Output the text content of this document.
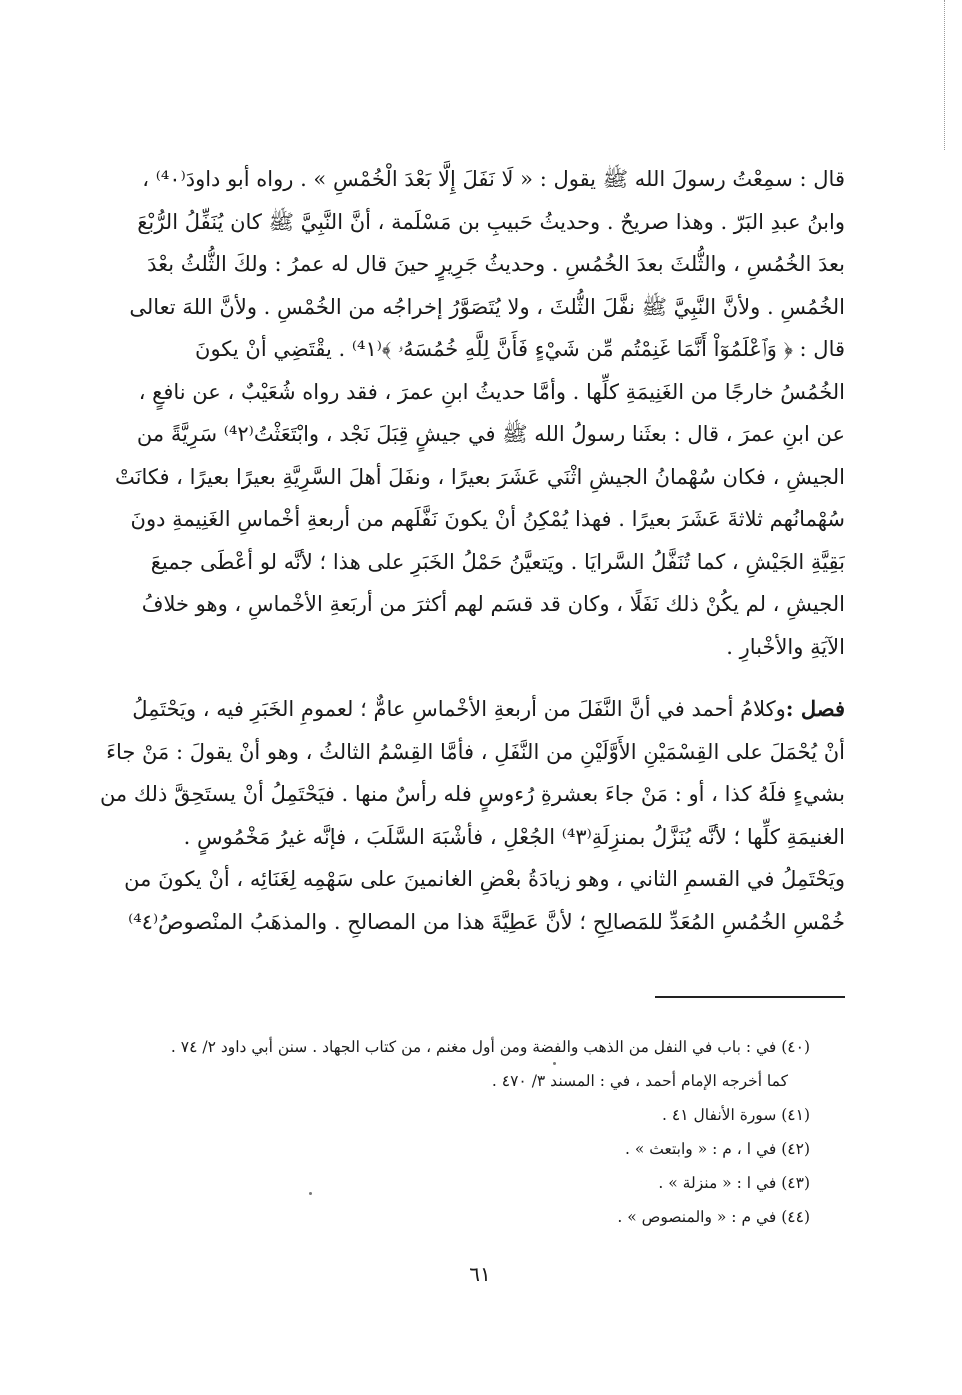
قال : سمِعْتُ رسولَ الله ﷺ يقول : « لَا نَفَلَ إِلَّا بَعْدَ الْخُمْسِ » . رواه أبو داودَ⁽⁴٠⁾ ،
وابنُ عبدِ البَرّ . وهذا صريحٌ . وحديثُ حَبيبِ بن مَسْلَمة ، أنَّ النَّبِيَّ ﷺ كان يُنَفِّلُ الرُّبْعَ
بعدَ الخُمُسِ ، والثُّلثَ بعدَ الخُمُسِ . وحديثُ جَرِيرٍ حينَ قال له عمرُ : ولكَ الثُّلثُ بعْدَ
الخُمُسِ . ولأنَّ النَّبِيَّ ﷺ نفَّلَ الثُّلثَ ، ولا يُتَصَوَّرُ إخراجُه من الخُمْسِ . ولأنَّ اللهَ تعالى
قال : ﴿ وَٱعْلَمُوٓاْ أَنَّمَا غَنِمْتُم مِّن شَيْءٍ فَأَنَّ لِلَّهِ خُمُسَهُۥ ﴾⁽⁴١⁾ . يقْتَضِي أنْ يكونَ
الخُمُسُ خارجًا من الغَنِيمَةِ كلِّها . وأمَّا حديثُ ابنِ عمرَ ، فقد رواه شُعَيْبٌ ، عن نافعٍ ،
عن ابنِ عمرَ ، قال : بعثَنا رسولُ الله ﷺ في جيشٍ قِبَلَ نَجْد ، وابْتَعَثْتُ⁽⁴٢⁾ سَرِيَّةً من
الجيشِ ، فكان سُهْمانُ الجيشِ اثْنَي عَشَرَ بعيرًا ، ونفَلَ أهلَ السَّرِيَّةِ بعيرًا بعيرًا ، فكانَتْ
سُهْمانُهم ثلاثةَ عَشَرَ بعيرًا . فهذا يُمْكِنُ أنْ يكونَ نَفَّلَهم من أربعةِ أخْماسِ الغَنِيمةِ دونَ
بَقِيَّةِ الجَيْشِ ، كما تُنَفَّلُ السَّرايَا . ويَتعيَّنُ حَمْلُ الخَبَرِ على هذا ؛ لأنَّه لو أعْطَى جميعَ
الجيشِ ، لم يكُنْ ذلك نَفَلًا ، وكان قد قسَم لهم أكثرَ من أربَعةِ الأخْماسِ ، وهو خلافُ
الآيَةِ والأخْبارِ .
فصل :وكلامُ أحمد في أنَّ النَّفَلَ من أربعةِ الأخْماسِ عامٌّ ؛ لعمومِ الخَبَرِ فيه ، ويَحْتَمِلُ
أنْ يُحْمَلَ على القِسْمَيْنِ الأَوَّلَيْنِ من النَّفَلِ ، فأمَّا القِسْمُ الثالثُ ، وهو أنْ يقولَ : مَنْ جاءَ
بشيءٍ فلَهُ كذا ، أو : مَنْ جاءَ بعشرةِ رُءوسٍ فله رأسٌ منها . فيَحْتَمِلُ أنْ يستَحِقَّ ذلك من
الغنيمَةِ كلِّها ؛ لأنَّه يُنَزَّلُ بمنزِلَةِ⁽⁴٣⁾ الجُعْلِ ، فأشْبَهَ السَّلَبَ ، فإنَّه غيرُ مَخْمُوسٍ .
ويَحْتَمِلُ في القسمِ الثاني ، وهو زيادَةُ بعْضِ الغانمينَ على سَهْمِه لِغَنَائِه ، أنْ يكونَ من
خُمْسِ الخُمُسِ المُعَدِّ للمَصالِحِ ؛ لأنَّ عَطِيَّةَ هذا من المصالحِ . والمذهَبُ المنْصوصُ⁽⁴٤⁾
(٤٠) في : باب في النفل من الذهب والفضة ومن أول مغنم ، من كتاب الجهاد . سنن أبي داود ٢/ ٧٤ .
كما أخرجه الإمام أحمد ، في : المسند ٣/ ٤٧٠ .
(٤١) سورة الأنفال ٤١ .
(٤٢) في ا ، م : « وابتعث » .
(٤٣) في ا : « منزلة » .
(٤٤) في م : « والمنصوص » .
٦١
